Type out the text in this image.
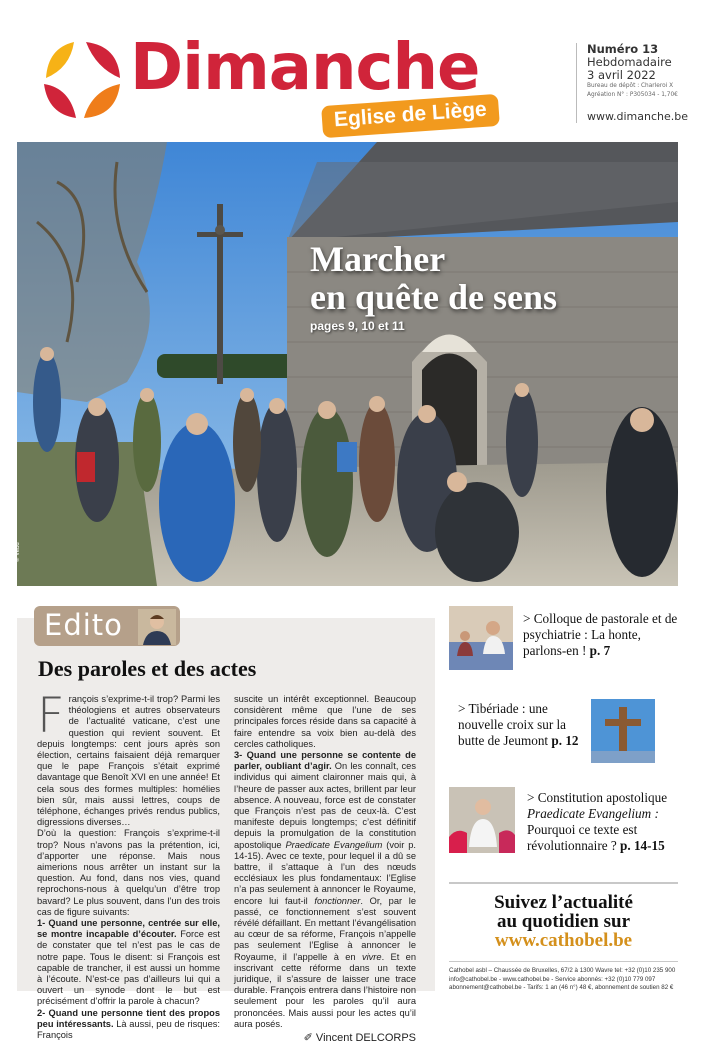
Dimanche
Eglise de Liège
Numéro 13
Hebdomadaire
3 avril 2022
Bureau de dépôt : Charleroi X
Agréation N° : P305034 - 1,70€
www.dimanche.be
Marcher
en quête de sens
pages 9, 10 et 11
© Vebu
Edito
Des paroles et des actes

F rançois s’exprime-t-il trop? Parmi les théologiens et autres observateurs de l’actualité vaticane, c’est une question qui revient souvent. Et depuis longtemps: cent jours après son élection, certains faisaient déjà remarquer que le pape François s’était exprimé davantage que Benoît XVI en une année! Et cela sous des formes multiples: homélies bien sûr, mais aussi lettres, coups de téléphone, échanges privés rendus publics, digressions diverses…

D’où la question: François s’exprime-t-il trop? Nous n’avons pas la prétention, ici, d’apporter une réponse. Mais nous aimerions nous arrêter un instant sur la question. Au fond, dans nos vies, quand reprochons-nous à quelqu’un d’être trop bavard? Le plus souvent, dans l’un des trois cas de figure suivants:

1- Quand une personne, centrée sur elle, se montre incapable d’écouter. Force est de constater que tel n’est pas le cas de notre pape. Tous le disent: si François est capable de trancher, il est aussi un homme à l’écoute. N’est-ce pas d’ailleurs lui qui a ouvert un synode dont le but est précisément d’offrir la parole à chacun?

2- Quand une personne tient des propos peu intéressants. Là aussi, peu de risques: François

suscite un intérêt exceptionnel. Beaucoup considèrent même que l’une de ses principales forces réside dans sa capacité à faire entendre sa voix bien au-delà des cercles catholiques.

3- Quand une personne se contente de parler, oubliant d’agir. On les connaît, ces individus qui aiment claironner mais qui, à l’heure de passer aux actes, brillent par leur absence. A nouveau, force est de constater que François n’est pas de ceux-là. C’est manifeste depuis longtemps; c’est définitif depuis la promulgation de la constitution apostolique Praedicate Evangelium (voir p. 14-15). Avec ce texte, pour lequel il a dû se battre, il s’attaque à l’un des nœuds ecclésiaux les plus fondamentaux: l’Eglise n’a pas seulement à annoncer le Royaume, encore lui faut-il fonctionner. Or, par le passé, ce fonctionnement s’est souvent révélé défaillant. En mettant l’évangélisation au cœur de sa réforme, François n’appelle pas seulement l’Eglise à annoncer le Royaume, il l’appelle à en vivre. Et en inscrivant cette réforme dans un texte juridique, il s’assure de laisser une trace durable. François entrera dans l’histoire non seulement pour les paroles qu’il aura prononcées. Mais aussi pour les actes qu’il aura posés.

✐ Vincent DELCORPS
> Colloque de pastorale et de psychiatrie : La honte, parlons-en ! p. 7
> Tibériade : une nouvelle croix sur la butte de Jeumont p. 12
> Constitution apostolique
Praedicate Evangelium :
Pourquoi ce texte est révolutionnaire ? p. 14-15
Suivez l’actualité
au quotidien sur
www.cathobel.be
Cathobel asbl – Chaussée de Bruxelles, 67/2 à 1300 Wavre tel: +32 (0)10 235 900
info@cathobel.be - www.cathobel.be - Service abonnés: +32 (0)10 779 097
abonnement@cathobel.be - Tarifs: 1 an (46 n°) 48 €, abonnement de soutien 82 €
